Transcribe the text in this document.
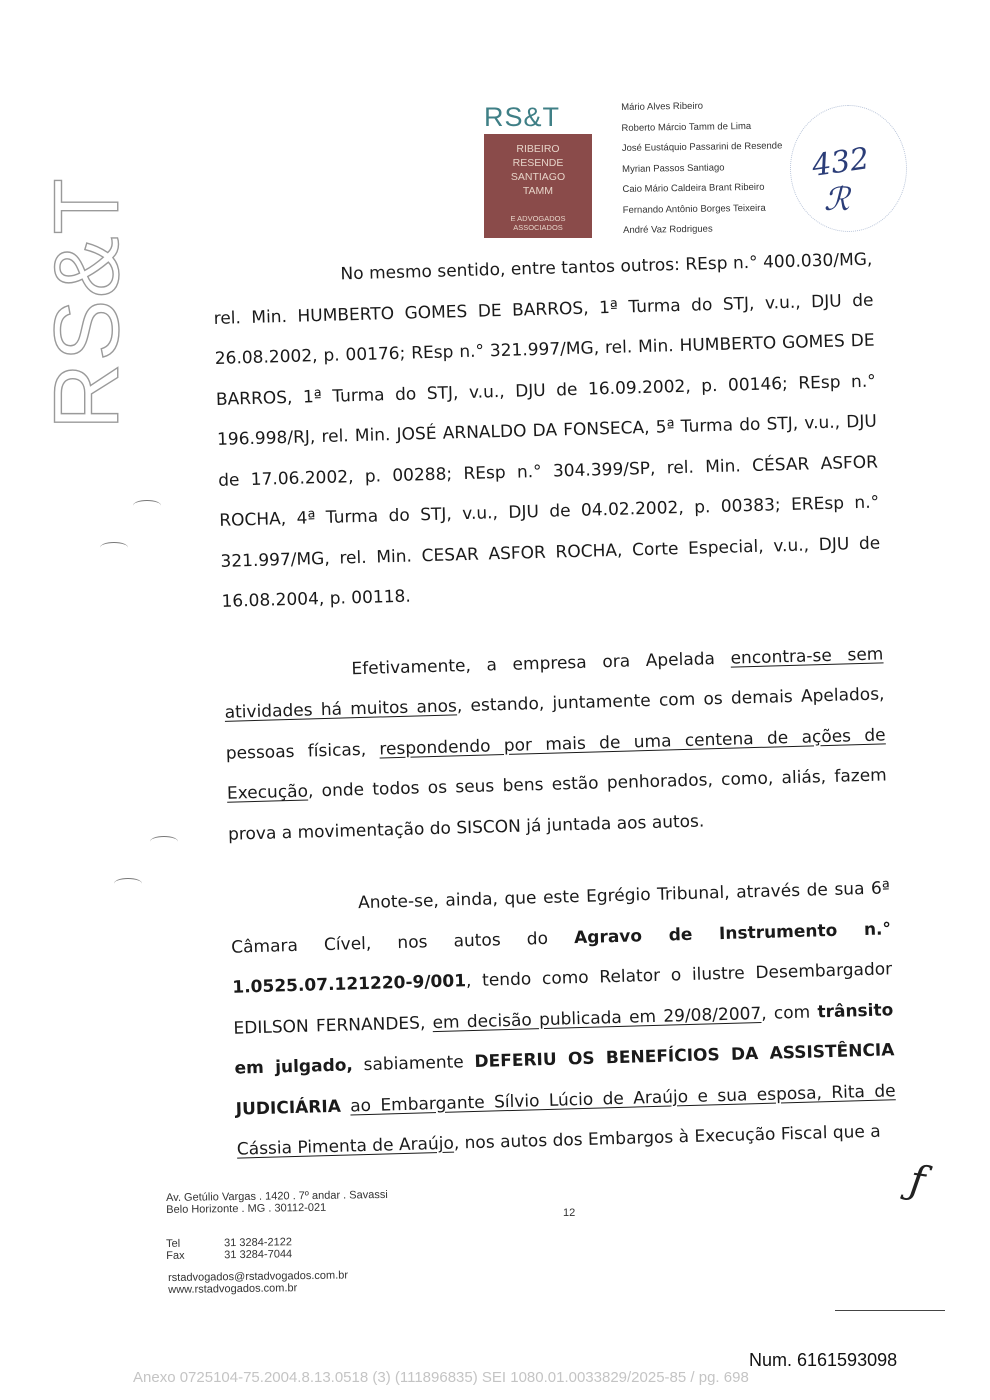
RS&T
RS&T
RIBEIRO
RESENDE
SANTIAGO
TAMM
E ADVOGADOS
ASSOCIADOS
Mário Alves Ribeiro
Roberto Márcio Tamm de Lima
José Eustáquio Passarini de Resende
Myrian Passos Santiago
Caio Mário Caldeira Brant Ribeiro
Fernando Antônio Borges Teixeira
André Vaz Rodrigues
432
ℛ

No mesmo sentido, entre tantos outros: REsp n.° 400.030/MG, rel. Min. HUMBERTO GOMES DE BARROS, 1ª Turma do STJ, v.u., DJU de 26.08.2002, p. 00176; REsp n.° 321.997/MG, rel. Min. HUMBERTO GOMES DE BARROS, 1ª Turma do STJ, v.u., DJU de 16.09.2002, p. 00146; REsp n.° 196.998/RJ, rel. Min. JOSÉ ARNALDO DA FONSECA, 5ª Turma do STJ, v.u., DJU de 17.06.2002, p. 00288; REsp n.° 304.399/SP, rel. Min. CÉSAR ASFOR ROCHA, 4ª Turma do STJ, v.u., DJU de 04.02.2002, p. 00383; EREsp n.° 321.997/MG, rel. Min. CESAR ASFOR ROCHA, Corte Especial, v.u., DJU de 16.08.2004, p. 00118.

Efetivamente, a empresa ora Apelada encontra-se sem atividades há muitos anos, estando, juntamente com os demais Apelados, pessoas físicas, respondendo por mais de uma centena de ações de Execução, onde todos os seus bens estão penhorados, como, aliás, fazem prova a movimentação do SISCON já juntada aos autos.

Anote-se, ainda, que este Egrégio Tribunal, através de sua 6ª Câmara Cível, nos autos do Agravo de Instrumento n.° 1.0525.07.121220-9/001, tendo como Relator o ilustre Desembargador EDILSON FERNANDES, em decisão publicada em 29/08/2007, com trânsito em julgado, sabiamente DEFERIU OS BENEFÍCIOS DA ASSISTÊNCIA JUDICIÁRIA ao Embargante Sílvio Lúcio de Araújo e sua esposa, Rita de Cássia Pimenta de Araújo, nos autos dos Embargos à Execução Fiscal que a

Av. Getúlio Vargas . 1420 . 7º andar . Savassi
Belo Horizonte . MG . 30112-021
Tel	31 3284-2122
Fax	31 3284-7044
rstadvogados@rstadvogados.com.br
www.rstadvogados.com.br
12
ƒ
Num. 6161593098
Anexo 0725104-75.2004.8.13.0518 (3) (111896835) SEI 1080.01.0033829/2025-85 / pg. 698
